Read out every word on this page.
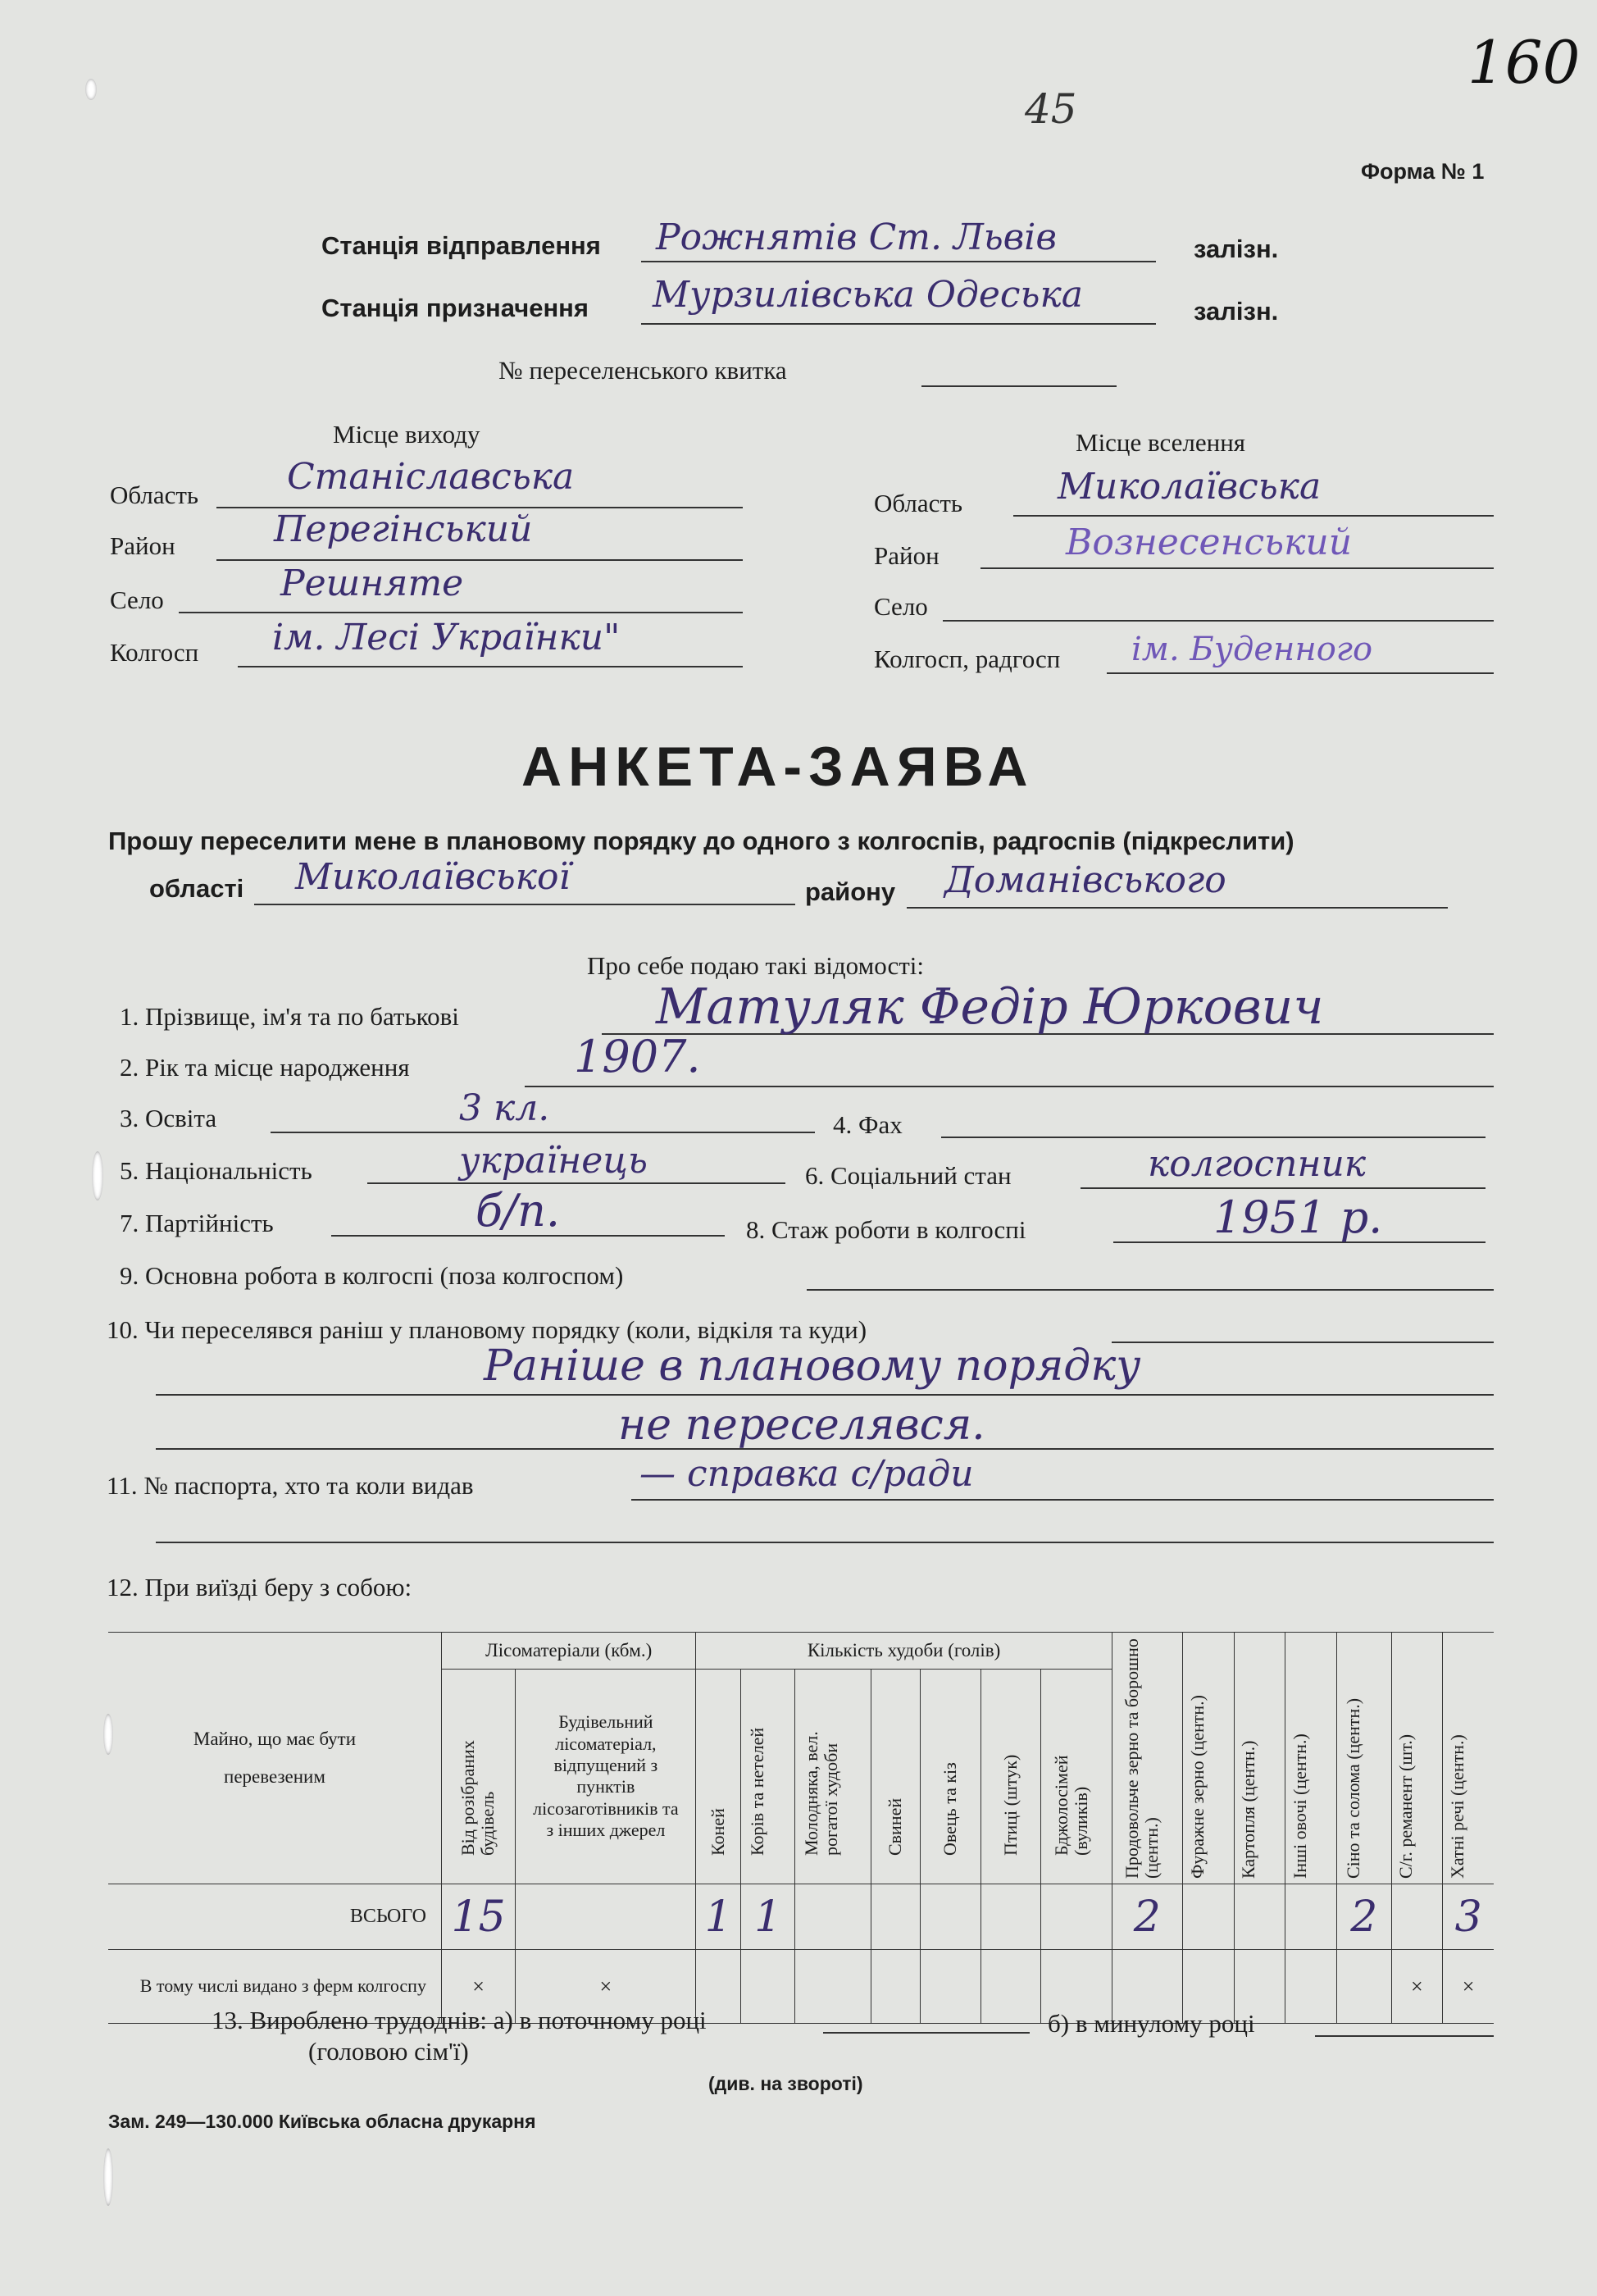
160
45
Форма № 1
Станція відправлення Рожнятів Ст. Львів	залізн.
Станція призначення Мурзилівська Одеська	залізн.
№ переселенського квитка
Місце виходу
Область Станіславська
Район	Перегінський
Село	Решняте
Колгосп ім. Лесі Українки"
Місце вселення
Область	Миколаївська
Район	Вознесенський
Село
Колгосп, радгосп ім. Буденного
АНКЕТА-ЗАЯВА
Прошу переселити мене в плановому порядку до одного з колгоспів, радгоспів (підкреслити)
області Миколаївської	району Доманівського
Про себе подаю такі відомості:
1. Прізвище, ім'я та по батькові	Матуляк Федір Юркович
2. Рік та місце народження	1907.
3. Освіта	3 кл.	4. Фах
5. Національність	українець	6. Соціальний стан	колгоспник
7. Партійність	б/п.	8. Стаж роботи в колгоспі	1951 р.
9. Основна робота в колгоспі (поза колгоспом)
10. Чи переселявся раніш у плановому порядку (коли, відкіля та куди)
Раніше в плановому порядку
не переселявся.
11. № паспорта, хто та коли видав	— справка с/ради
12. При виїзді беру з собою:
Майно, що має бути перевезеним	Лісоматеріали (кбм.)		Кількість худоби (голів)							Продовольче зерно та борошно (центн.)	Фуражне зерно (центн.)	Картопля (центн.)	Інші овочі (центн.)	Сіно та солома (центн.)	С/г. реманент (шт.)	Хатні речі (центн.)
	Від розібраних будівель	Будівельний лісоматеріал, відпущений з пунктів лісозаготівників та з інших джерел	Коней	Корів та нетелей	Молодняка, вел. рогатої худоби	Свиней	Овець та кіз	Птиці (штук)	Бджолосімей (вуликів)							
ВСЬОГО	15		1	1						2				2		3
В тому числі видано з ферм колгоспу	×	×													×	×
13. Вироблено трудоднів: а) в поточному році	б) в минулому році
(головою сім'ї)
(див. на звороті)
Зам. 249—130.000 Київська обласна друкарня
